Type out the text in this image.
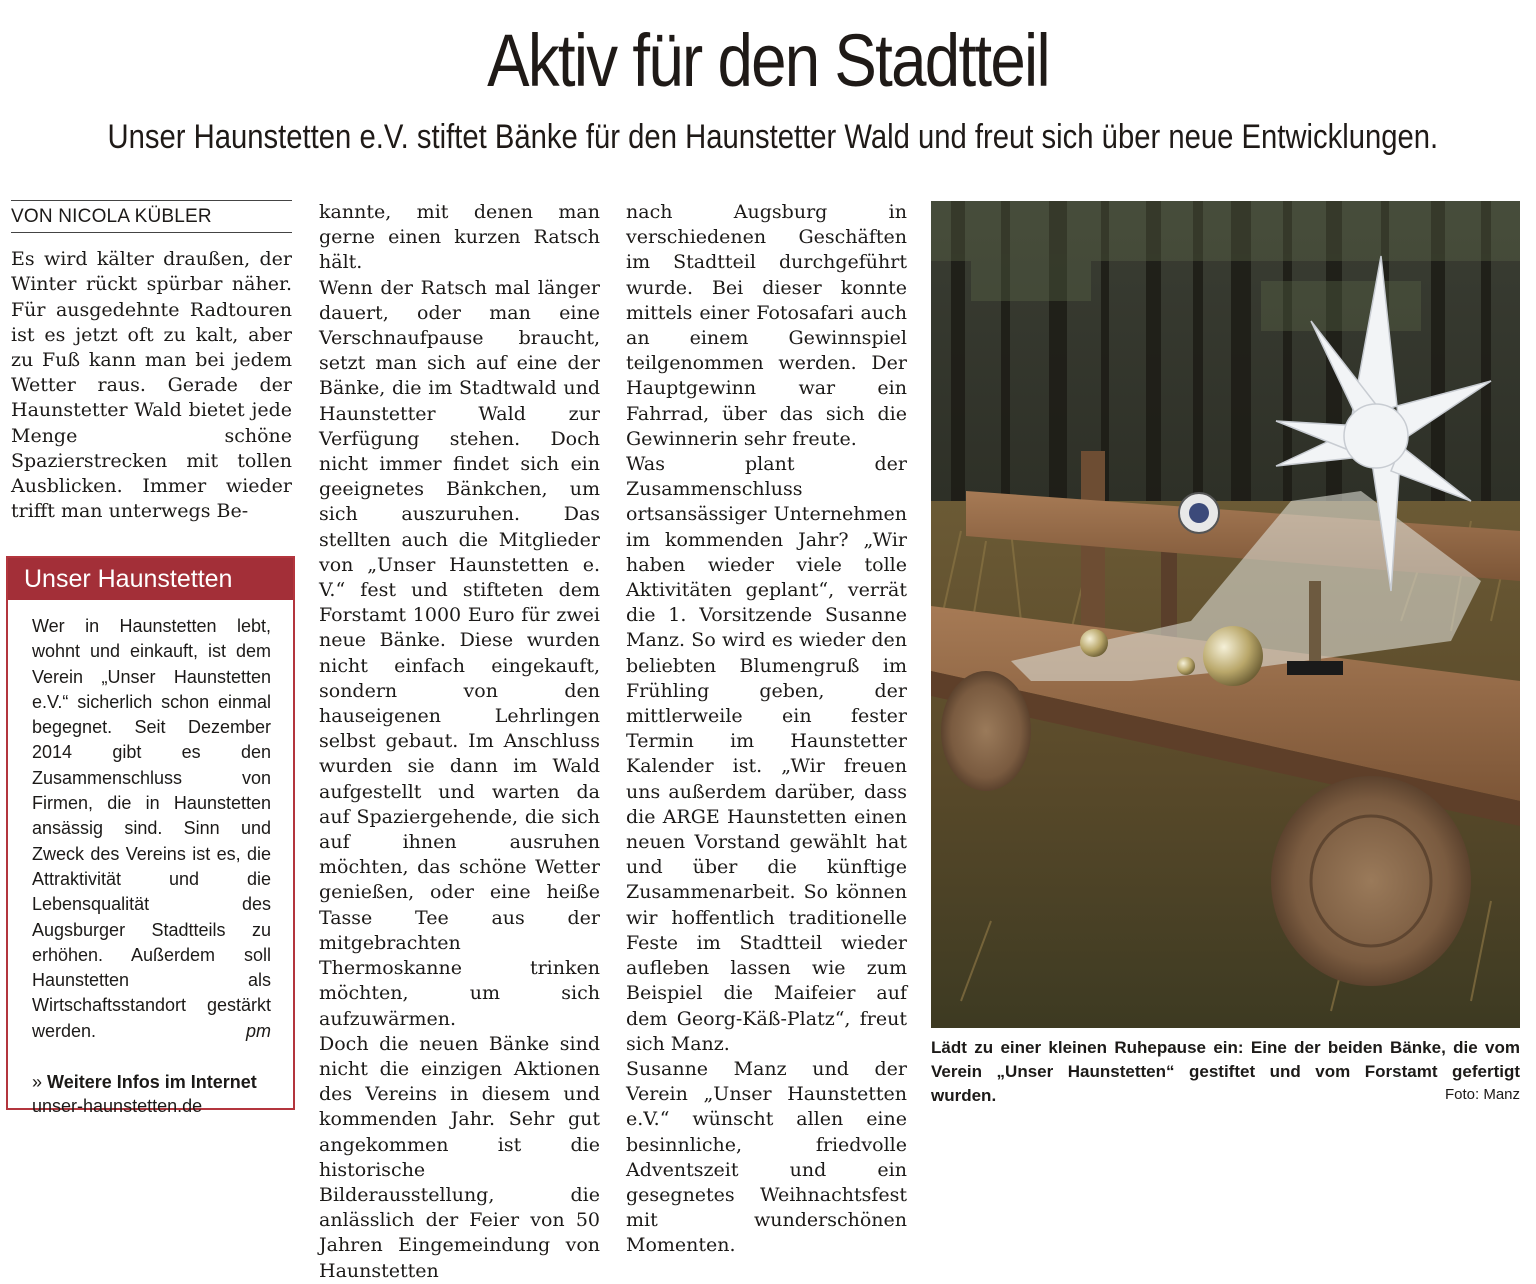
Aktiv für den Stadtteil
Unser Haunstetten e.V. stiftet Bänke für den Haunstetter Wald und freut sich über neue Entwicklungen.
VON NICOLA KÜBLER

Es wird kälter draußen, der Winter rückt spürbar näher. Für ausgedehnte Radtouren ist es jetzt oft zu kalt, aber zu Fuß kann man bei jedem Wetter raus. Gerade der Haunstetter Wald bietet jede Menge schöne Spazierstrecken mit tollen Ausblicken. Immer wieder trifft man unterwegs Be-

Unser Haunstetten
Wer in Haunstetten lebt, wohnt und einkauft, ist dem Verein „Unser Haunstetten e.V.“ sicherlich schon einmal begegnet. Seit Dezember 2014 gibt es den Zusammenschluss von Firmen, die in Haunstetten ansässig sind. Sinn und Zweck des Vereins ist es, die Attraktivität und die Lebensqualität des Augsburger Stadtteils zu erhöhen. Außerdem soll Haunstetten als Wirtschaftsstandort gestärkt werden.	pm
» Weitere Infos im Internet
unser-haunstetten.de

kannte, mit denen man gerne einen kurzen Ratsch hält.

Wenn der Ratsch mal länger dauert, oder man eine Verschnaufpause braucht, setzt man sich auf eine der Bänke, die im Stadtwald und Haunstetter Wald zur Verfügung stehen. Doch nicht immer findet sich ein geeignetes Bänkchen, um sich auszuruhen. Das stellten auch die Mitglieder von „Unser Haunstetten e. V.“ fest und stifteten dem Forstamt 1000 Euro für zwei neue Bänke. Diese wurden nicht einfach eingekauft, sondern von den hauseigenen Lehrlingen selbst gebaut. Im Anschluss wurden sie dann im Wald aufgestellt und warten da auf Spaziergehende, die sich auf ihnen ausruhen möchten, das schöne Wetter genießen, oder eine heiße Tasse Tee aus der mitgebrachten Thermoskanne trinken möchten, um sich aufzuwärmen.

Doch die neuen Bänke sind nicht die einzigen Aktionen des Vereins in diesem und kommenden Jahr. Sehr gut angekommen ist die historische Bilderausstellung, die anlässlich der Feier von 50 Jahren Eingemeindung von Haunstetten

nach Augsburg in verschiedenen Geschäften im Stadtteil durchgeführt wurde. Bei dieser konnte mittels einer Fotosafari auch an einem Gewinnspiel teilgenommen werden. Der Hauptgewinn war ein Fahrrad, über das sich die Gewinnerin sehr freute.

Was plant der Zusammenschluss ortsansässiger Unternehmen im kommenden Jahr? „Wir haben wieder viele tolle Aktivitäten geplant“, verrät die 1. Vorsitzende Susanne Manz. So wird es wieder den beliebten Blumengruß im Frühling geben, der mittlerweile ein fester Termin im Haunstetter Kalender ist. „Wir freuen uns außerdem darüber, dass die ARGE Haunstetten einen neuen Vorstand gewählt hat und über die künftige Zusammenarbeit. So können wir hoffentlich traditionelle Feste im Stadtteil wieder aufleben lassen wie zum Beispiel die Maifeier auf dem Georg-Käß-Platz“, freut sich Manz.

Susanne Manz und der Verein „Unser Haunstetten e.V.“ wünscht allen eine besinnliche, friedvolle Adventszeit und ein gesegnetes Weihnachtsfest mit wunderschönen Momenten.

Lädt zu einer kleinen Ruhepause ein: Eine der beiden Bänke, die vom Verein „Unser Haunstetten“ gestiftet und vom Forstamt gefertigt wurden.	Foto: Manz
